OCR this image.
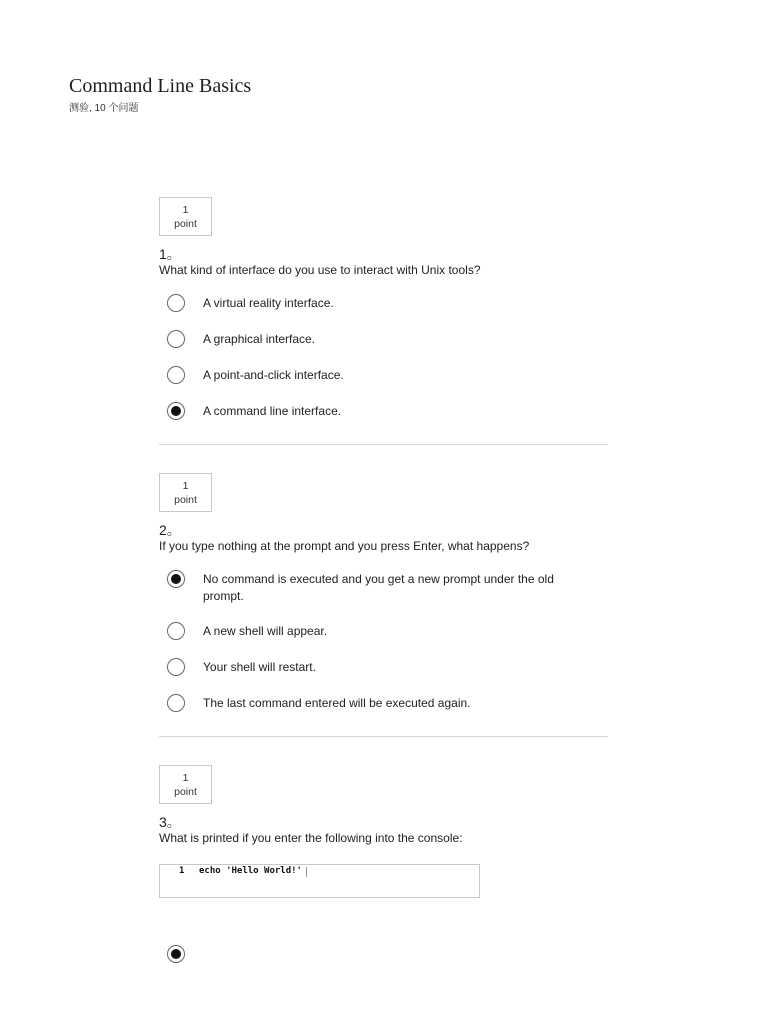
Command Line Basics
测验, 10 个问题
1
point
1。
What kind of interface do you use to interact with Unix tools?
A virtual reality interface.
A graphical interface.
A point-and-click interface.
A command line interface.
1
point
2。
If you type nothing at the prompt and you press Enter, what happens?
No command is executed and you get a new prompt under the old prompt.
A new shell will appear.
Your shell will restart.
The last command entered will be executed again.
1
point
3。
What is printed if you enter the following into the console:
1 echo 'Hello World!'
